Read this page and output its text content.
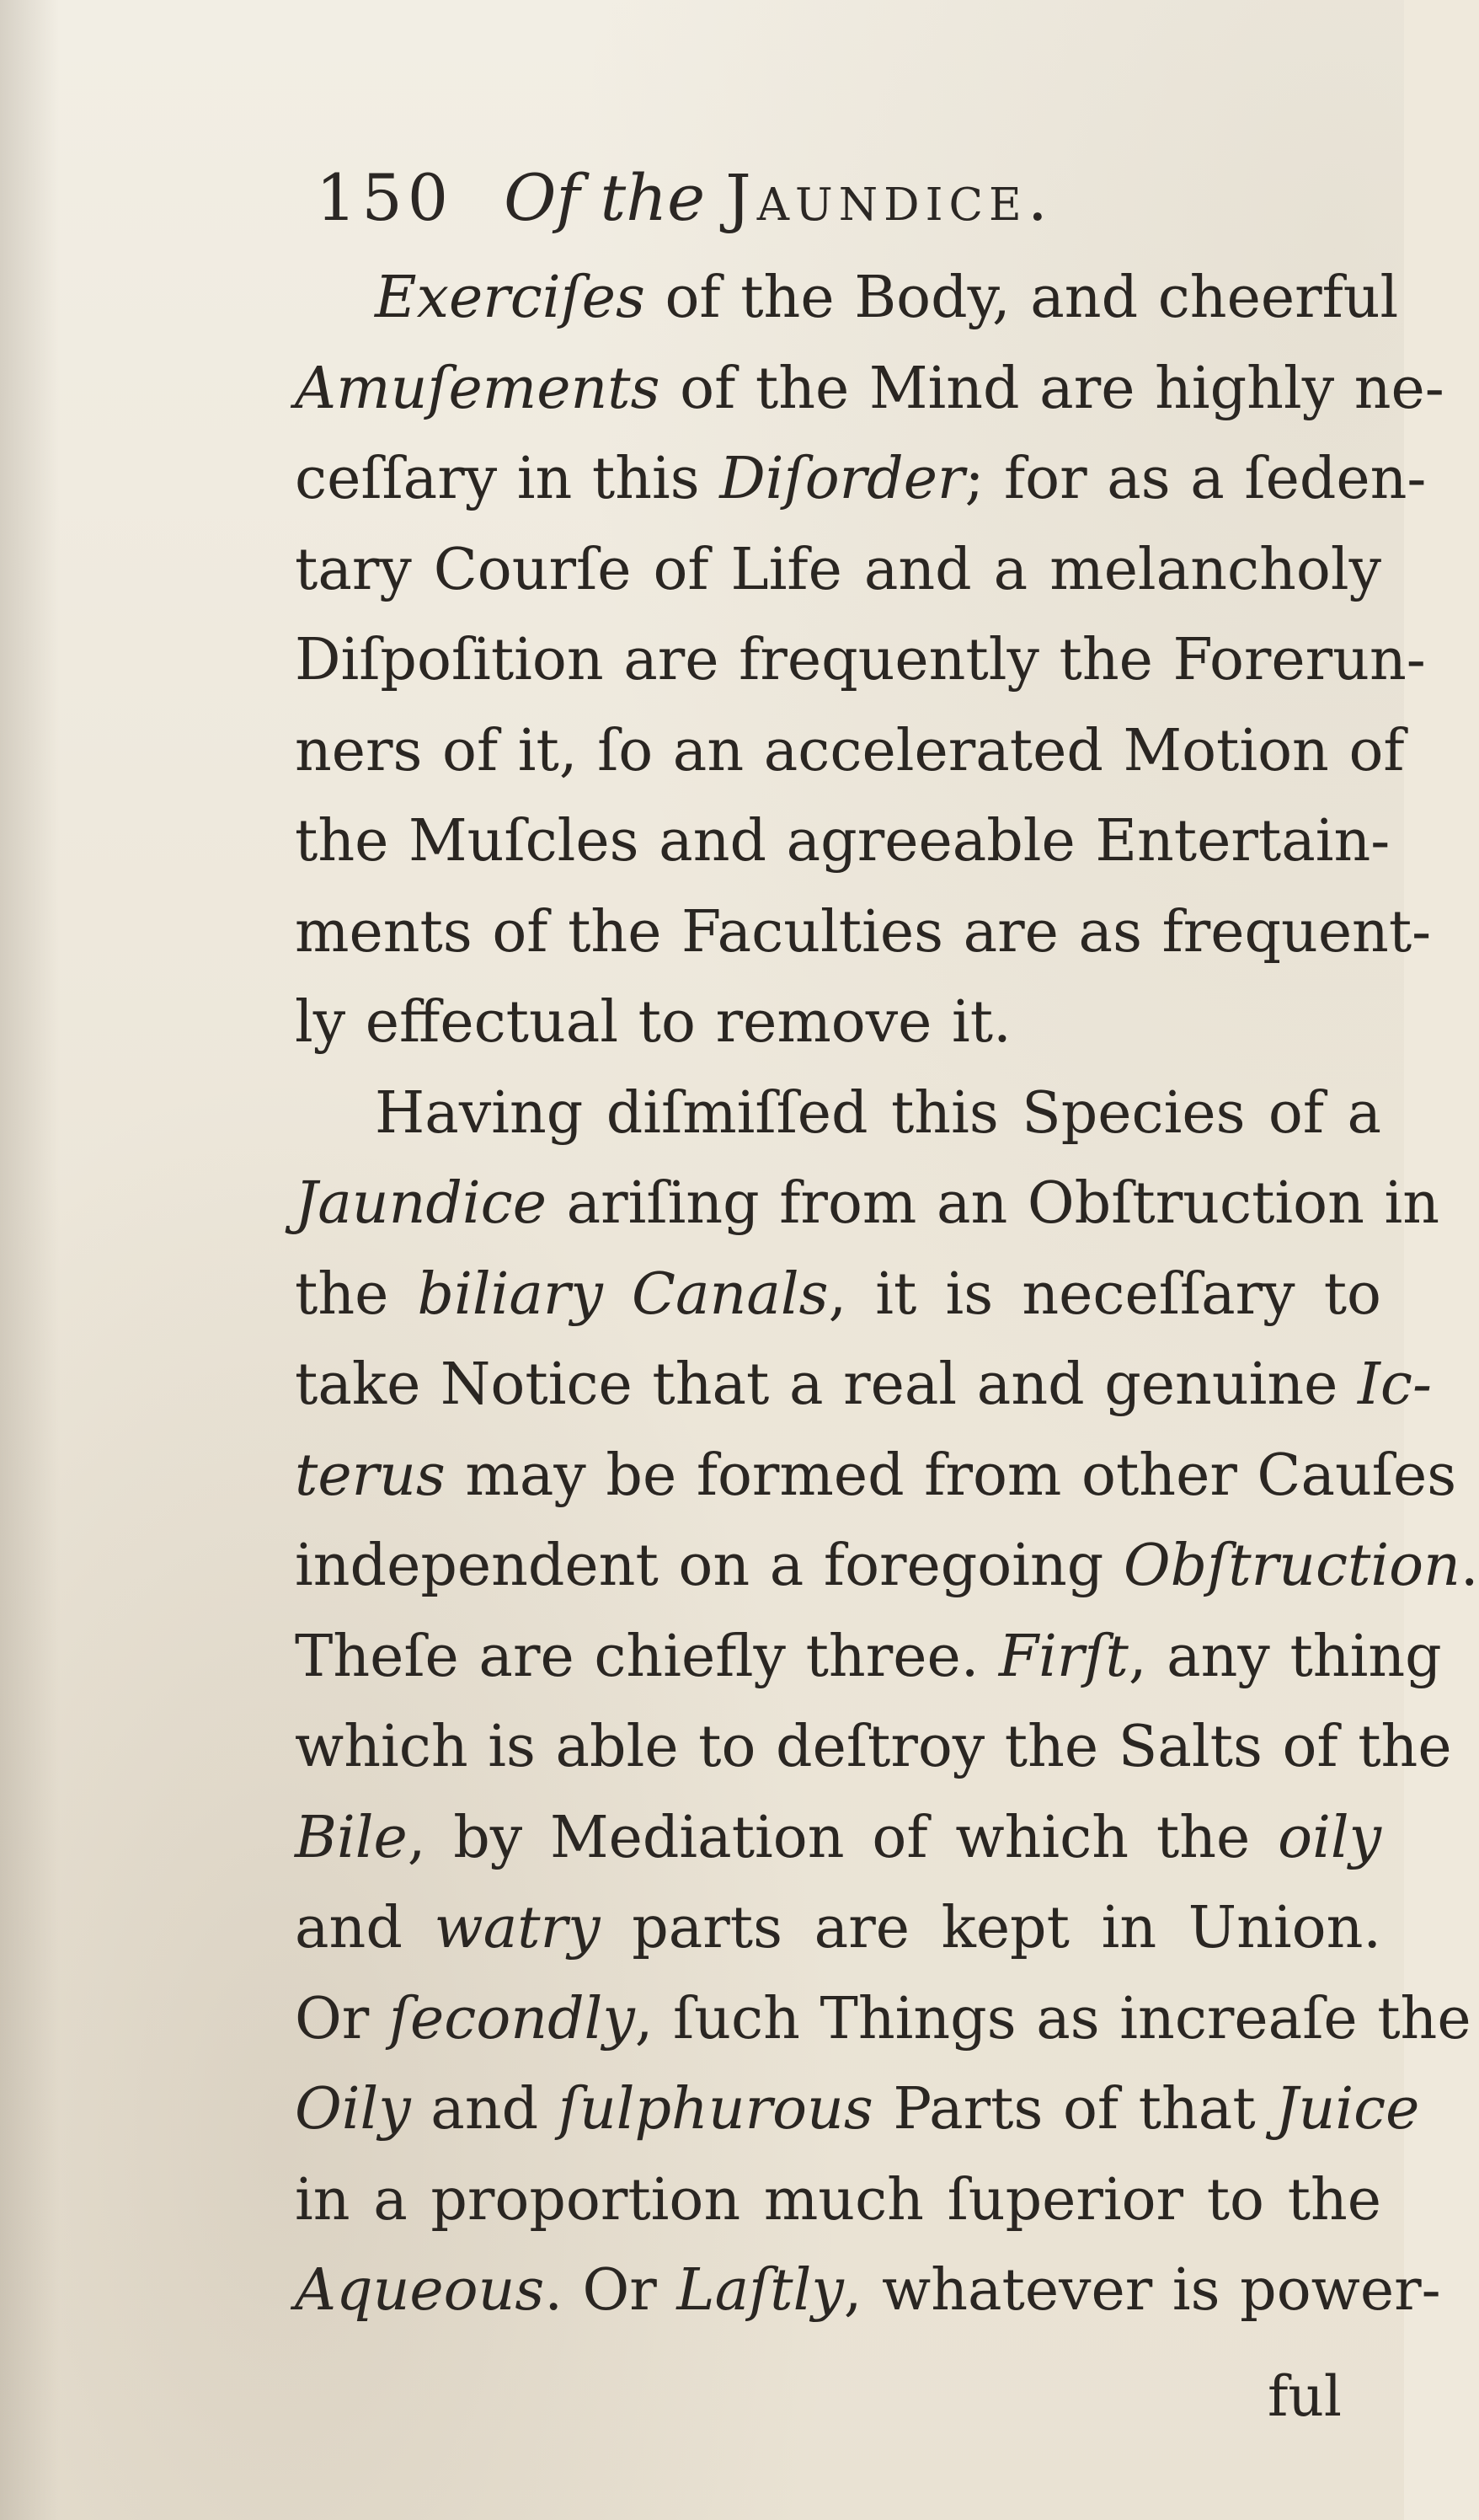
150 Of the Jaundice.
Exerciſes of the Body, and cheerful
Amuſements of the Mind are highly ne-
ceſſary in this Diſorder; for as a ſeden-
tary Courſe of Life and a melancholy
Diſpoſition are frequently the Forerun-
ners of it, ſo an accelerated Motion of
the Muſcles and agreeable Entertain-
ments of the Faculties are as frequent-
ly effectual to remove it.
Having diſmiſſed this Species of a
Jaundice ariſing from an Obſtruction in
the biliary Canals, it is neceſſary to
take Notice that a real and genuine Ic-
terus may be formed from other Cauſes
independent on a foregoing Obſtruction.
Theſe are chiefly three. Firſt, any thing
which is able to deſtroy the Salts of the
Bile, by Mediation of which the oily
and watry parts are kept in Union.
Or ſecondly, ſuch Things as increaſe the
Oily and ſulphurous Parts of that Juice
in a proportion much ſuperior to the
Aqueous. Or Laſtly, whatever is power-
ful
